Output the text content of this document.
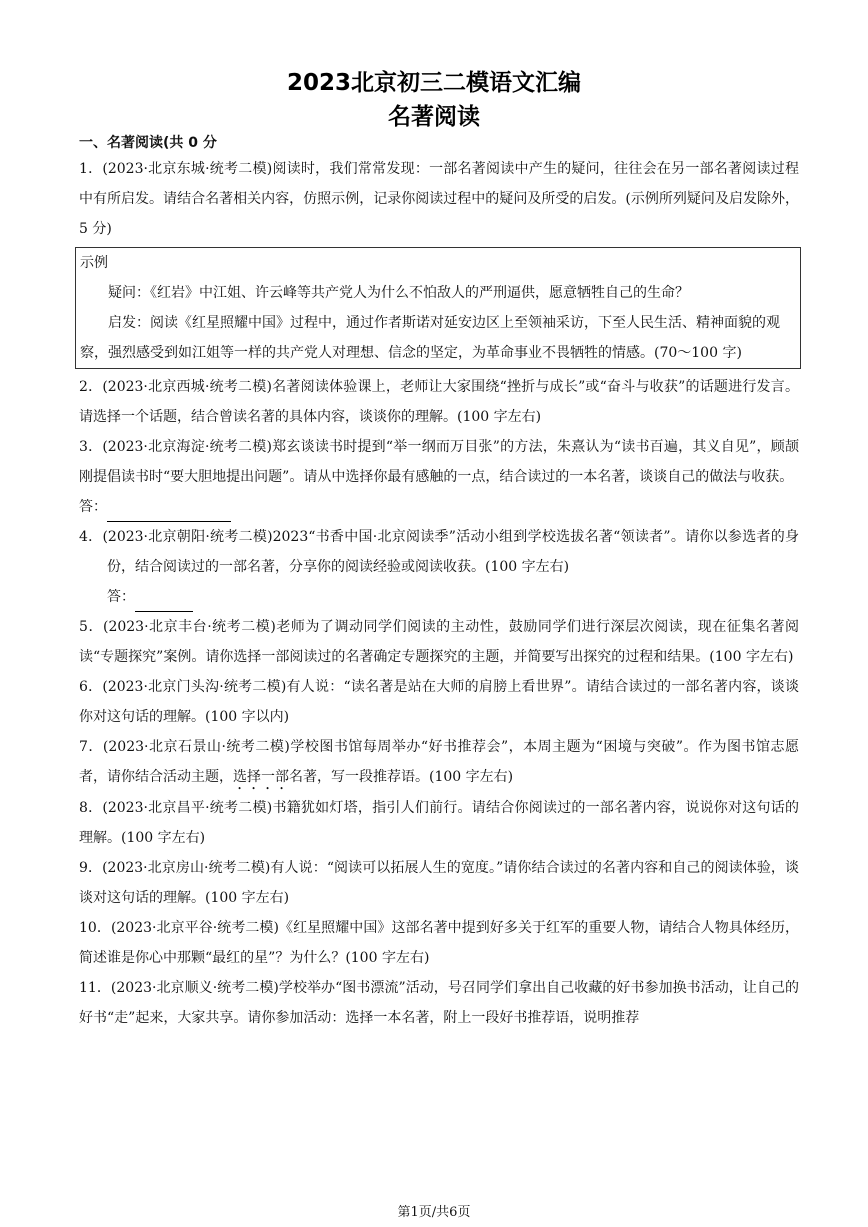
2023北京初三二模语文汇编
名著阅读
一、名著阅读(共 0 分

1．(2023·北京东城·统考二模)阅读时，我们常常发现：一部名著阅读中产生的疑问，往往会在另一部名著阅读过程中有所启发。请结合名著相关内容，仿照示例，记录你阅读过程中的疑问及所受的启发。(示例所列疑问及启发除外，5 分)

示例

疑问：《红岩》中江姐、许云峰等共产党人为什么不怕敌人的严刑逼供，愿意牺牲自己的生命？

启发：阅读《红星照耀中国》过程中，通过作者斯诺对延安边区上至领袖采访，下至人民生活、精神面貌的观察，强烈感受到如江姐等一样的共产党人对理想、信念的坚定，为革命事业不畏牺牲的情感。(70～100 字)

2．(2023·北京西城·统考二模)名著阅读体验课上，老师让大家围绕“挫折与成长”或“奋斗与收获”的话题进行发言。请选择一个话题，结合曾读名著的具体内容，谈谈你的理解。(100 字左右)

3．(2023·北京海淀·统考二模)郑玄谈读书时提到“举一纲而万目张”的方法，朱熹认为“读书百遍，其义自见”，顾颉刚提倡读书时“要大胆地提出问题”。请从中选择你最有感触的一点，结合读过的一本名著，谈谈自己的做法与收获。

答：

4．(2023·北京朝阳·统考二模)2023“书香中国·北京阅读季”活动小组到学校选拔名著“领读者”。请你以参选者的身份，结合阅读过的一部名著，分享你的阅读经验或阅读收获。(100 字左右)

答：

5．(2023·北京丰台·统考二模)老师为了调动同学们阅读的主动性，鼓励同学们进行深层次阅读，现在征集名著阅读“专题探究”案例。请你选择一部阅读过的名著确定专题探究的主题，并简要写出探究的过程和结果。(100 字左右)

6．(2023·北京门头沟·统考二模)有人说：“读名著是站在大师的肩膀上看世界”。请结合读过的一部名著内容，谈谈你对这句话的理解。(100 字以内)

7．(2023·北京石景山·统考二模)学校图书馆每周举办“好书推荐会”，本周主题为“困境与突破”。作为图书馆志愿者，请你结合活动主题，选择一部名著，写一段推荐语。(100 字左右)

8．(2023·北京昌平·统考二模)书籍犹如灯塔，指引人们前行。请结合你阅读过的一部名著内容，说说你对这句话的理解。(100 字左右)

9．(2023·北京房山·统考二模)有人说：“阅读可以拓展人生的宽度。”请你结合读过的名著内容和自己的阅读体验，谈谈对这句话的理解。(100 字左右)

10．(2023·北京平谷·统考二模)《红星照耀中国》这部名著中提到好多关于红军的重要人物，请结合人物具体经历，简述谁是你心中那颗“最红的星”？为什么？(100 字左右)

11．(2023·北京顺义·统考二模)学校举办“图书漂流”活动，号召同学们拿出自己收藏的好书参加换书活动，让自己的好书“走”起来，大家共享。请你参加活动：选择一本名著，附上一段好书推荐语，说明推荐

第1页/共6页
